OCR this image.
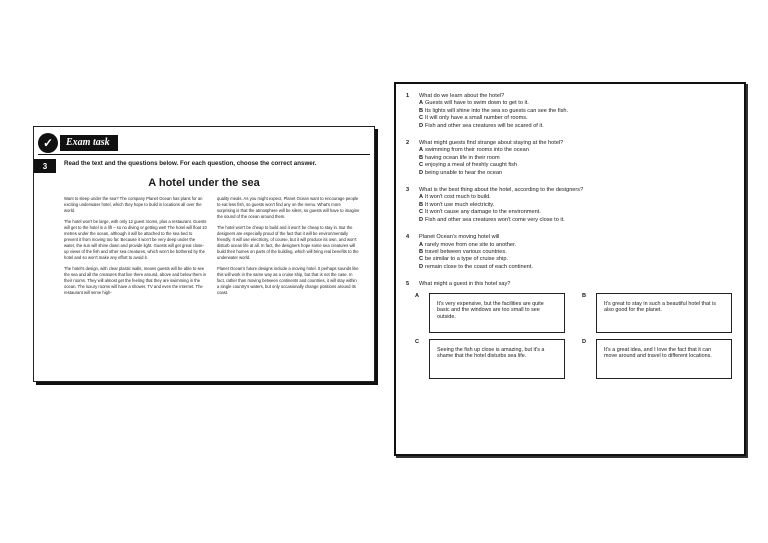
✓	Exam task
3	Read the text and the questions below. For each question, choose the correct answer.
A hotel under the sea

Want to sleep under the sea? The company Planet Ocean has plans for an exciting underwater hotel, which they hope to build in locations all over the world.

The hotel won't be large, with only 12 guest rooms, plus a restaurant. Guests will get to the hotel in a lift – so no diving or getting wet! The hotel will float 10 metres under the ocean, although it will be attached to the sea bed to prevent it from moving too far. Because it won't be very deep under the water, the sun will shine down and provide light. Guests will get great close-up views of the fish and other sea creatures, which won't be bothered by the hotel and so won't make any effort to avoid it.

The hotel's design, with clear plastic walls, means guests will be able to see the sea and all the creatures that live there around, above and below them in their rooms. They will almost get the feeling that they are swimming in the ocean. The luxury rooms will have a shower, TV and even the internet. The restaurant will serve high-

quality meals. As you might expect, Planet Ocean want to encourage people to eat less fish, so guests won't find any on the menu. What's more surprising is that the atmosphere will be silent, so guests will have to imagine the sound of the ocean around them.

The hotel won't be cheap to build and it won't be cheap to stay in. But the designers are especially proud of the fact that it will be environmentally friendly. It will use electricity, of course, but it will produce its own, and won't disturb ocean life at all. In fact, the designers hope some sea creatures will build their homes on parts of the building, which will bring real benefits to the underwater world.

Planet Ocean's future designs include a moving hotel. It perhaps sounds like this will work in the same way as a cruise ship, but that is not the case. In fact, rather than moving between continents and countries, it will stay within a single country's waters, but only occasionally change positions around its coast.

1	What do we learn about the hotel?
A Guests will have to swim down to get to it.
B Its lights will shine into the sea so guests can see the fish.
C It will only have a small number of rooms.
D Fish and other sea creatures will be scared of it.
2	What might guests find strange about staying at the hotel?
A swimming from their rooms into the ocean
B having ocean life in their room
C enjoying a meal of freshly caught fish
D being unable to hear the ocean
3	What is the best thing about the hotel, according to the designers?
A It won't cost much to build.
B It won't use much electricity.
C It won't cause any damage to the environment.
D Fish and other sea creatures won't come very close to it.
4	Planet Ocean's moving hotel will
A rarely move from one site to another.
B travel between various countries.
C be similar to a type of cruise ship.
D remain close to the coast of each continent.
5	What might a guest in this hotel say?
A
It's very expensive, but the facilities are quite basic and the windows are too small to see outside.
B
It's great to stay in such a beautiful hotel that is also good for the planet.
C
Seeing the fish up close is amazing, but it's a shame that the hotel disturbs sea life.
D
It's a great idea, and I love the fact that it can move around and travel to different locations.
